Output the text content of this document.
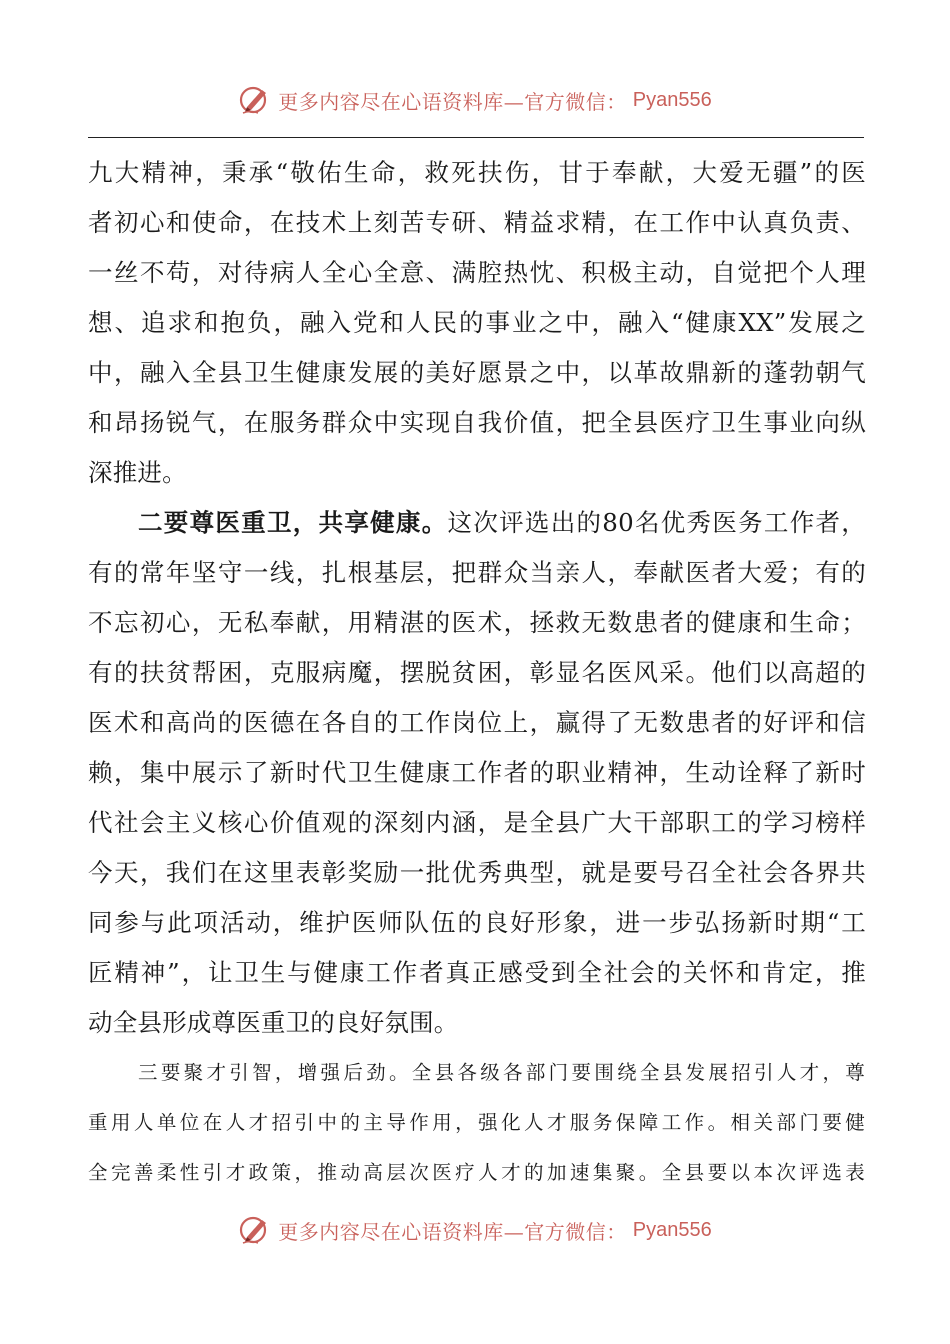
更多内容尽在心语资料库—官方微信： Pyan556
九大精神，秉承“敬佑生命，救死扶伤，甘于奉献，大爱无疆”的医
者初心和使命，在技术上刻苦专研、精益求精，在工作中认真负责、
一丝不苟，对待病人全心全意、满腔热忱、积极主动，自觉把个人理
想、追求和抱负，融入党和人民的事业之中，融入“健康XX”发展之
中，融入全县卫生健康发展的美好愿景之中，以革故鼎新的蓬勃朝气
和昂扬锐气，在服务群众中实现自我价值，把全县医疗卫生事业向纵
深推进。
二要尊医重卫，共享健康。这次评选出的80名优秀医务工作者，
有的常年坚守一线，扎根基层，把群众当亲人，奉献医者大爱；有的
不忘初心，无私奉献，用精湛的医术，拯救无数患者的健康和生命；
有的扶贫帮困，克服病魔，摆脱贫困，彰显名医风采。他们以高超的
医术和高尚的医德在各自的工作岗位上，赢得了无数患者的好评和信
赖，集中展示了新时代卫生健康工作者的职业精神，生动诠释了新时
代社会主义核心价值观的深刻内涵，是全县广大干部职工的学习榜样
今天，我们在这里表彰奖励一批优秀典型，就是要号召全社会各界共
同参与此项活动，维护医师队伍的良好形象，进一步弘扬新时期“工
匠精神”，让卫生与健康工作者真正感受到全社会的关怀和肯定，推
动全县形成尊医重卫的良好氛围。
三要聚才引智，增强后劲。全县各级各部门要围绕全县发展招引人才，尊
重用人单位在人才招引中的主导作用，强化人才服务保障工作。相关部门要健
全完善柔性引才政策，推动高层次医疗人才的加速集聚。全县要以本次评选表
更多内容尽在心语资料库—官方微信： Pyan556
